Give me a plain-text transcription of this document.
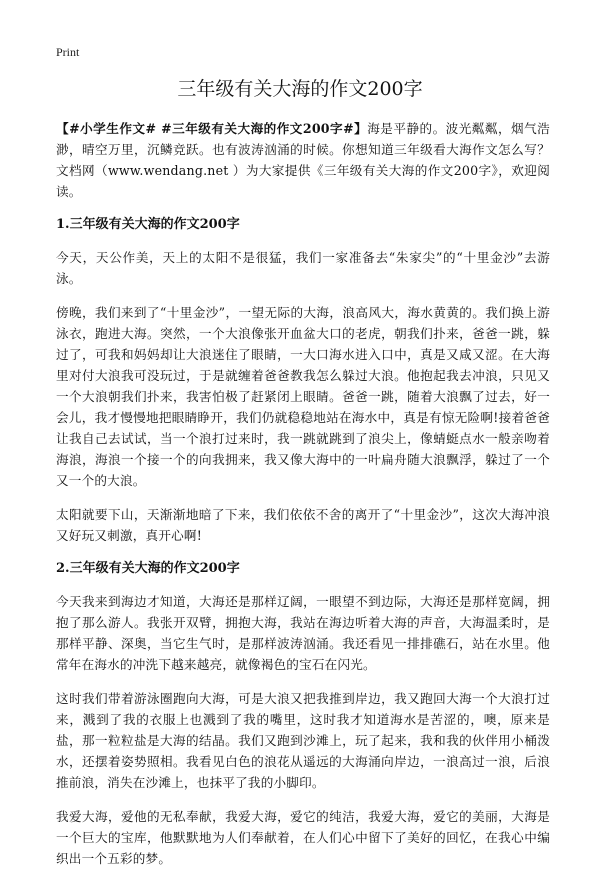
Print
三年级有关大海的作文200字

【#小学生作文# #三年级有关大海的作文200字#】海是平静的。波光粼粼，烟气浩渺，晴空万里，沉鳞竞跃。也有波涛汹涌的时候。你想知道三年级看大海作文怎么写？文档网（www.wendang.net ）为大家提供《三年级有关大海的作文200字》，欢迎阅读。

1.三年级有关大海的作文200字

今天，天公作美，天上的太阳不是很猛，我们一家准备去“朱家尖”的“十里金沙”去游泳。

傍晚，我们来到了“十里金沙”，一望无际的大海，浪高风大，海水黄黄的。我们换上游泳衣，跑进大海。突然，一个大浪像张开血盆大口的老虎，朝我们扑来，爸爸一跳，躲过了，可我和妈妈却让大浪迷住了眼睛，一大口海水进入口中，真是又咸又涩。在大海里对付大浪我可没玩过，于是就缠着爸爸教我怎么躲过大浪。他抱起我去冲浪，只见又一个大浪朝我们扑来，我害怕极了赶紧闭上眼睛。爸爸一跳，随着大浪飘了过去，好一会儿，我才慢慢地把眼睛睁开，我们仍就稳稳地站在海水中，真是有惊无险啊!接着爸爸让我自己去试试，当一个浪打过来时，我一跳就跳到了浪尖上，像蜻蜓点水一般亲吻着海浪，海浪一个接一个的向我拥来，我又像大海中的一叶扁舟随大浪飘浮，躲过了一个又一个的大浪。

太阳就要下山，天渐渐地暗了下来，我们依依不舍的离开了“十里金沙”，这次大海冲浪又好玩又刺激，真开心啊!

2.三年级有关大海的作文200字

今天我来到海边才知道，大海还是那样辽阔，一眼望不到边际，大海还是那样宽阔，拥抱了那么游人。我张开双臂，拥抱大海，我站在海边听着大海的声音，大海温柔时，是那样平静、深奥，当它生气时，是那样波涛汹涌。我还看见一排排礁石，站在水里。他常年在海水的冲洗下越来越亮，就像褐色的宝石在闪光。

这时我们带着游泳圈跑向大海，可是大浪又把我推到岸边，我又跑回大海一个大浪打过来，溅到了我的衣服上也溅到了我的嘴里，这时我才知道海水是苦涩的，噢，原来是盐，那一粒粒盐是大海的结晶。我们又跑到沙滩上，玩了起来，我和我的伙伴用小桶泼水，还摆着姿势照相。我看见白色的浪花从遥远的大海涌向岸边，一浪高过一浪，后浪推前浪，消失在沙滩上，也抹平了我的小脚印。

我爱大海，爱他的无私奉献，我爱大海，爱它的纯洁，我爱大海，爱它的美丽，大海是一个巨大的宝库，他默默地为人们奉献着，在人们心中留下了美好的回忆，在我心中编织出一个五彩的梦。
